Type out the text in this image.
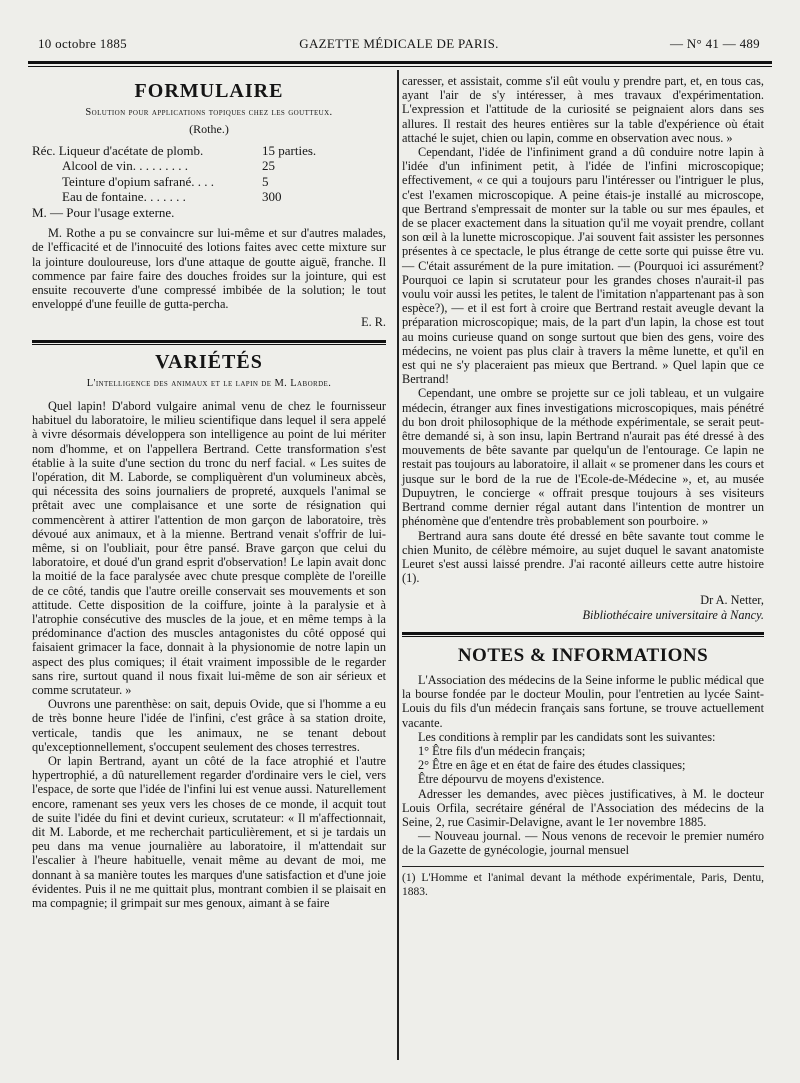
10 octobre 1885	GAZETTE MÉDICALE DE PARIS.	— N° 41 — 489
FORMULAIRE
Solution pour applications topiques chez les goutteux.
(Rothe.)
Réc. Liqueur d'acétate de plomb.	15 parties.
Alcool de vin. . . . . . . . .	25
Teinture d'opium safrané. . . .	5
Eau de fontaine. . . . . . .	300
M. — Pour l'usage externe.

M. Rothe a pu se convaincre sur lui-même et sur d'autres malades, de l'efficacité et de l'innocuité des lotions faites avec cette mixture sur la jointure douloureuse, lors d'une attaque de goutte aiguë, franche. Il commence par faire faire des douches froides sur la jointure, qui est ensuite recouverte d'une compressé imbibée de la solution; le tout enveloppé d'une feuille de gutta-percha.

E. R.
VARIÉTÉS
L'intelligence des animaux et le lapin de M. Laborde.

Quel lapin! D'abord vulgaire animal venu de chez le fournisseur habituel du laboratoire, le milieu scientifique dans lequel il sera appelé à vivre désormais développera son intelligence au point de lui mériter nom d'homme, et on l'appellera Bertrand. Cette transformation s'est établie à la suite d'une section du tronc du nerf facial. « Les suites de l'opération, dit M. Laborde, se compliquèrent d'un volumineux abcès, qui nécessita des soins journaliers de propreté, auxquels l'animal se prêtait avec une complaisance et une sorte de résignation qui commencèrent à attirer l'attention de mon garçon de laboratoire, très dévoué aux animaux, et à la mienne. Bertrand venait s'offrir de lui-même, si on l'oubliait, pour être pansé. Brave garçon que celui du laboratoire, et doué d'un grand esprit d'observation! Le lapin avait donc la moitié de la face paralysée avec chute presque complète de l'oreille de ce côté, tandis que l'autre oreille conservait ses mouvements et son attitude. Cette disposition de la coiffure, jointe à la paralysie et à l'atrophie consécutive des muscles de la joue, et en même temps à la prédominance d'action des muscles antagonistes du côté opposé qui faisaient grimacer la face, donnait à la physionomie de notre lapin un aspect des plus comiques; il était vraiment impossible de le regarder sans rire, surtout quand il nous fixait lui-même de son air sérieux et comme scrutateur. »

Ouvrons une parenthèse: on sait, depuis Ovide, que si l'homme a eu de très bonne heure l'idée de l'infini, c'est grâce à sa station droite, verticale, tandis que les animaux, ne se tenant debout qu'exceptionnellement, s'occupent seulement des choses terrestres.

Or lapin Bertrand, ayant un côté de la face atrophié et l'autre hypertrophié, a dû naturellement regarder d'ordinaire vers le ciel, vers l'espace, de sorte que l'idée de l'infini lui est venue aussi. Naturellement encore, ramenant ses yeux vers les choses de ce monde, il acquit tout de suite l'idée du fini et devint curieux, scrutateur: « Il m'affectionnait, dit M. Laborde, et me recherchait particulièrement, et si je tardais un peu dans ma venue journalière au laboratoire, il m'attendait sur l'escalier à l'heure habituelle, venait même au devant de moi, me donnant à sa manière toutes les marques d'une satisfaction et d'une joie évidentes. Puis il ne me quittait plus, montrant combien il se plaisait en ma compagnie; il grimpait sur mes genoux, aimant à se faire

caresser, et assistait, comme s'il eût voulu y prendre part, et, en tous cas, ayant l'air de s'y intéresser, à mes travaux d'expérimentation. L'expression et l'attitude de la curiosité se peignaient alors dans ses allures. Il restait des heures entières sur la table d'expérience où était attaché le sujet, chien ou lapin, comme en observation avec nous. »

Cependant, l'idée de l'infiniment grand a dû conduire notre lapin à l'idée d'un infiniment petit, à l'idée de l'infini microscopique; effectivement, « ce qui a toujours paru l'intéresser ou l'intriguer le plus, c'est l'examen microscopique. A peine étais-je installé au microscope, que Bertrand s'empressait de monter sur la table ou sur mes épaules, et de se placer exactement dans la situation qu'il me voyait prendre, collant son œil à la lunette microscopique. J'ai souvent fait assister les personnes présentes à ce spectacle, le plus étrange de cette sorte qui puisse être vu. — C'était assurément de la pure imitation. — (Pourquoi ici assurément? Pourquoi ce lapin si scrutateur pour les grandes choses n'aurait-il pas voulu voir aussi les petites, le talent de l'imitation n'appartenant pas à son espèce?), — et il est fort à croire que Bertrand restait aveugle devant la préparation microscopique; mais, de la part d'un lapin, la chose est tout au moins curieuse quand on songe surtout que bien des gens, voire des médecins, ne voient pas plus clair à travers la même lunette, et qu'il en est qui ne s'y placeraient pas mieux que Bertrand. » Quel lapin que ce Bertrand!

Cependant, une ombre se projette sur ce joli tableau, et un vulgaire médecin, étranger aux fines investigations microscopiques, mais pénétré du bon droit philosophique de la méthode expérimentale, se serait peut-être demandé si, à son insu, lapin Bertrand n'aurait pas été dressé à des mouvements de bête savante par quelqu'un de l'entourage. Ce lapin ne restait pas toujours au laboratoire, il allait « se promener dans les cours et jusque sur le bord de la rue de l'Ecole-de-Médecine », et, au musée Dupuytren, le concierge « offrait presque toujours à ses visiteurs Bertrand comme dernier régal autant dans l'intention de montrer un phénomène que d'entendre très probablement son pourboire. »

Bertrand aura sans doute été dressé en bête savante tout comme le chien Munito, de célèbre mémoire, au sujet duquel le savant anatomiste Leuret s'est aussi laissé prendre. J'ai raconté ailleurs cette autre histoire (1).

Dr A. Netter,
Bibliothécaire universitaire à Nancy.
NOTES & INFORMATIONS

L'Association des médecins de la Seine informe le public médical que la bourse fondée par le docteur Moulin, pour l'entretien au lycée Saint-Louis du fils d'un médecin français sans fortune, se trouve actuellement vacante.

Les conditions à remplir par les candidats sont les suivantes:

1° Être fils d'un médecin français;

2° Être en âge et en état de faire des études classiques;

Être dépourvu de moyens d'existence.

Adresser les demandes, avec pièces justificatives, à M. le docteur Louis Orfila, secrétaire général de l'Association des médecins de la Seine, 2, rue Casimir-Delavigne, avant le 1er novembre 1885.

— Nouveau journal. — Nous venons de recevoir le premier numéro de la Gazette de gynécologie, journal mensuel

(1) L'Homme et l'animal devant la méthode expérimentale, Paris, Dentu, 1883.
